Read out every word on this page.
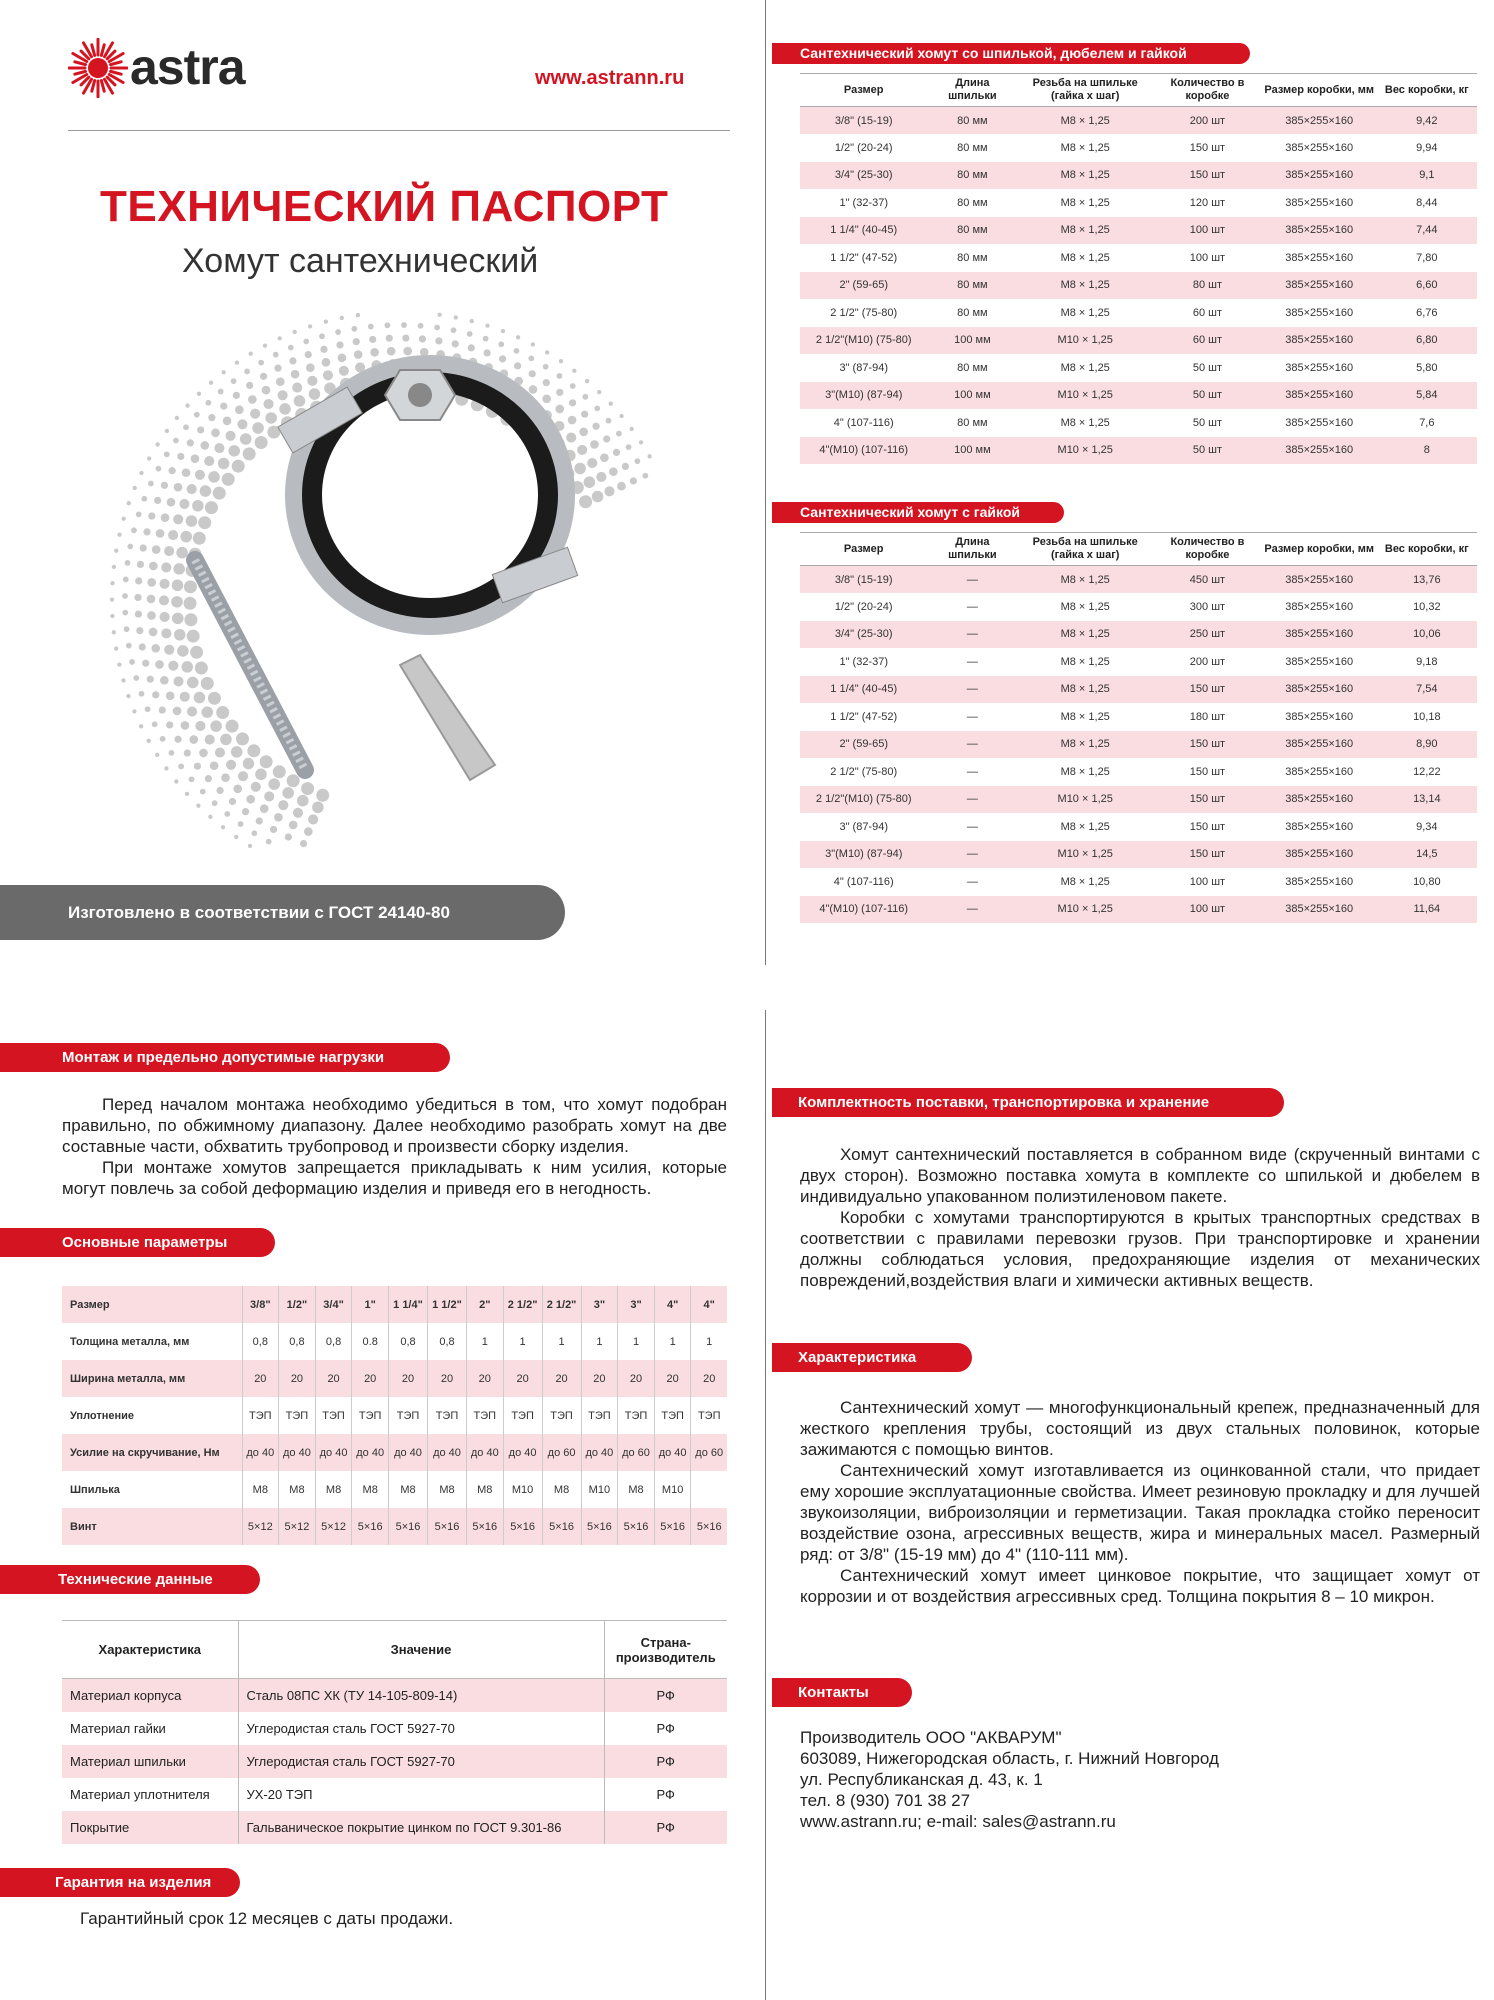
astra	www.astrann.ru
ТЕХНИЧЕСКИЙ ПАСПОРТ
Хомут сантехнический
Изготовлено в соответствии с ГОСТ 24140-80
Сантехнический хомут со шпилькой, дюбелем и гайкой
Размер	Длина шпильки	Резьба на шпильке (гайка х шаг)	Количество в коробке	Размер коробки, мм	Вес коробки, кг
3/8" (15-19)	80 мм	M8 × 1,25	200 шт	385×255×160	9,42
1/2" (20-24)	80 мм	M8 × 1,25	150 шт	385×255×160	9,94
3/4" (25-30)	80 мм	M8 × 1,25	150 шт	385×255×160	9,1
1" (32-37)	80 мм	M8 × 1,25	120 шт	385×255×160	8,44
1 1/4" (40-45)	80 мм	M8 × 1,25	100 шт	385×255×160	7,44
1 1/2" (47-52)	80 мм	M8 × 1,25	100 шт	385×255×160	7,80
2" (59-65)	80 мм	M8 × 1,25	80 шт	385×255×160	6,60
2 1/2" (75-80)	80 мм	M8 × 1,25	60 шт	385×255×160	6,76
2 1/2"(M10) (75-80)	100 мм	M10 × 1,25	60 шт	385×255×160	6,80
3" (87-94)	80 мм	M8 × 1,25	50 шт	385×255×160	5,80
3"(M10) (87-94)	100 мм	M10 × 1,25	50 шт	385×255×160	5,84
4" (107-116)	80 мм	M8 × 1,25	50 шт	385×255×160	7,6
4"(M10) (107-116)	100 мм	M10 × 1,25	50 шт	385×255×160	8
Сантехнический хомут с гайкой
Размер	Длина шпильки	Резьба на шпильке (гайка х шаг)	Количество в коробке	Размер коробки, мм	Вес коробки, кг
3/8" (15-19)	—	M8 × 1,25	450 шт	385×255×160	13,76
1/2" (20-24)	—	M8 × 1,25	300 шт	385×255×160	10,32
3/4" (25-30)	—	M8 × 1,25	250 шт	385×255×160	10,06
1" (32-37)	—	M8 × 1,25	200 шт	385×255×160	9,18
1 1/4" (40-45)	—	M8 × 1,25	150 шт	385×255×160	7,54
1 1/2" (47-52)	—	M8 × 1,25	180 шт	385×255×160	10,18
2" (59-65)	—	M8 × 1,25	150 шт	385×255×160	8,90
2 1/2" (75-80)	—	M8 × 1,25	150 шт	385×255×160	12,22
2 1/2"(M10) (75-80)	—	M10 × 1,25	150 шт	385×255×160	13,14
3" (87-94)	—	M8 × 1,25	150 шт	385×255×160	9,34
3"(M10) (87-94)	—	M10 × 1,25	150 шт	385×255×160	14,5
4" (107-116)	—	M8 × 1,25	100 шт	385×255×160	10,80
4"(M10) (107-116)	—	M10 × 1,25	100 шт	385×255×160	11,64
Монтаж и предельно допустимые нагрузки

Перед началом монтажа необходимо убедиться в том, что хомут подобран правильно, по обжимному диапазону. Далее необходимо разобрать хомут на две составные части, обхватить трубопровод и произвести сборку изделия.

При монтаже хомутов запрещается прикладывать к ним усилия, которые могут повлечь за собой деформацию изделия и приведя его в негодность.

Основные параметры
Размер	3/8"	1/2"	3/4"	1"	1 1/4"	1 1/2"	2"	2 1/2"	2 1/2"	3"	3"	4"	4"
Толщина металла, мм	0,8	0,8	0,8	0.8	0,8	0,8	1	1	1	1	1	1	1
Ширина металла, мм	20	20	20	20	20	20	20	20	20	20	20	20	20
Уплотнение	ТЭП	ТЭП	ТЭП	ТЭП	ТЭП	ТЭП	ТЭП	ТЭП	ТЭП	ТЭП	ТЭП	ТЭП	ТЭП
Усилие на скручивание, Нм	до 40	до 40	до 40	до 40	до 40	до 40	до 40	до 40	до 60	до 40	до 60	до 40	до 60
Шпилька	M8	M8	M8	M8	M8	M8	M8	M10	M8	M10	M8	M10	
Винт	5×12	5×12	5×12	5×16	5×16	5×16	5×16	5×16	5×16	5×16	5×16	5×16	5×16
Технические данные
Характеристика	Значение	Страна-производитель
Материал корпуса	Сталь 08ПС ХК (ТУ 14-105-809-14)	РФ
Материал гайки	Углеродистая сталь ГОСТ 5927-70	РФ
Материал шпильки	Углеродистая сталь ГОСТ 5927-70	РФ
Материал уплотнителя	УХ-20 ТЭП	РФ
Покрытие	Гальваническое покрытие цинком по ГОСТ 9.301-86	РФ
Гарантия на изделия
Гарантийный срок 12 месяцев с даты продажи.
Комплектность поставки, транспортировка и хранение

Хомут сантехнический поставляется в собранном виде (скрученный винтами с двух сторон). Возможно поставка хомута в комплекте со шпилькой и дюбелем в индивидуально упакованном полиэтиленовом пакете.

Коробки с хомутами транспортируются в крытых транспортных средствах в соответствии с правилами перевозки грузов. При транспортировке и хранении должны соблюдаться условия, предохраняющие изделия от механических повреждений,воздействия влаги и химически активных веществ.

Характеристика

Сантехнический хомут — многофункциональный крепеж, предназначенный для жесткого крепления трубы, состоящий из двух стальных половинок, которые зажимаются с помощью винтов.

Сантехнический хомут изготавливается из оцинкованной стали, что придает ему хорошие эксплуатационные свойства. Имеет резиновую прокладку и для лучшей звукоизоляции, виброизоляции и герметизации. Такая прокладка стойко переносит воздействие озона, агрессивных веществ, жира и минеральных масел. Размерный ряд: от 3/8" (15-19 мм) до 4" (110-111 мм).

Сантехнический хомут имеет цинковое покрытие, что защищает хомут от коррозии и от воздействия агрессивных сред. Толщина покрытия 8 – 10 микрон.

Контакты
Производитель ООО "АКВАРУМ"
603089, Нижегородская область, г. Нижний Новгород
ул. Республиканская д. 43, к. 1
тел. 8 (930) 701 38 27
www.astrann.ru; e-mail: sales@astrann.ru
